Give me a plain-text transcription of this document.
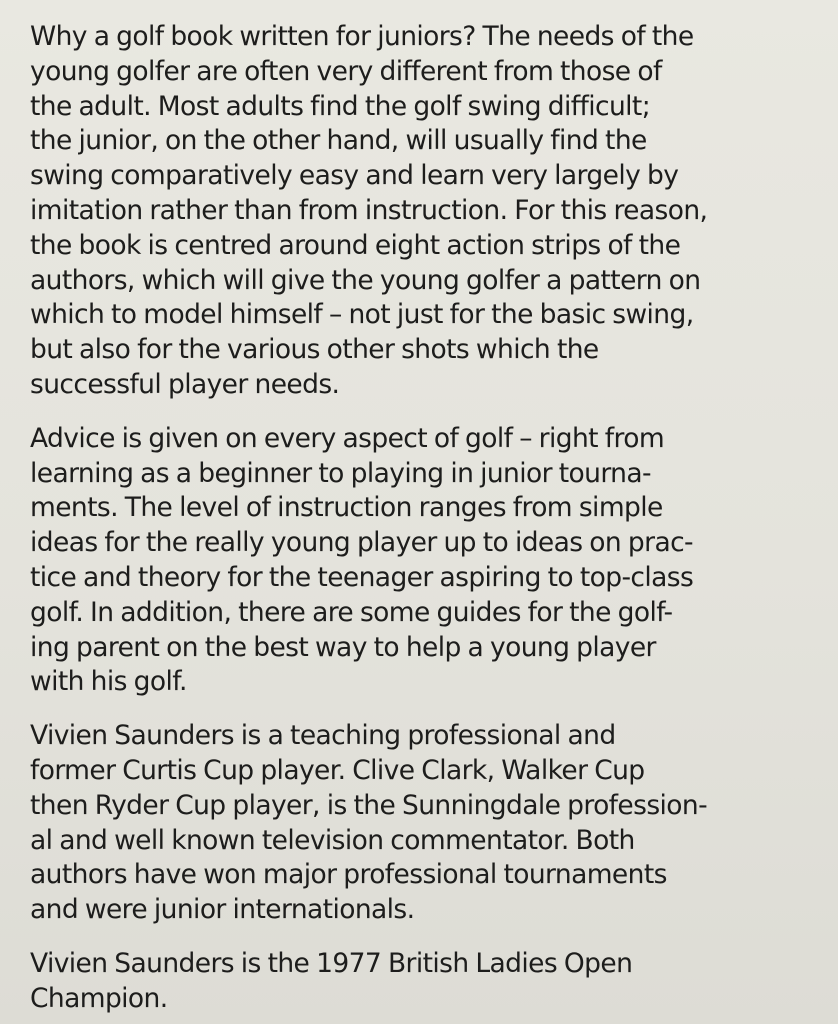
Why a golf book written for juniors? The needs of the
young golfer are often very different from those of
the adult. Most adults find the golf swing difficult;
the junior, on the other hand, will usually find the
swing comparatively easy and learn very largely by
imitation rather than from instruction. For this reason,
the book is centred around eight action strips of the
authors, which will give the young golfer a pattern on
which to model himself – not just for the basic swing,
but also for the various other shots which the
successful player needs.
Advice is given on every aspect of golf – right from
learning as a beginner to playing in junior tourna-
ments. The level of instruction ranges from simple
ideas for the really young player up to ideas on prac-
tice and theory for the teenager aspiring to top-class
golf. In addition, there are some guides for the golf-
ing parent on the best way to help a young player
with his golf.
Vivien Saunders is a teaching professional and
former Curtis Cup player. Clive Clark, Walker Cup
then Ryder Cup player, is the Sunningdale profession-
al and well known television commentator. Both
authors have won major professional tournaments
and were junior internationals.
Vivien Saunders is the 1977 British Ladies Open
Champion.
